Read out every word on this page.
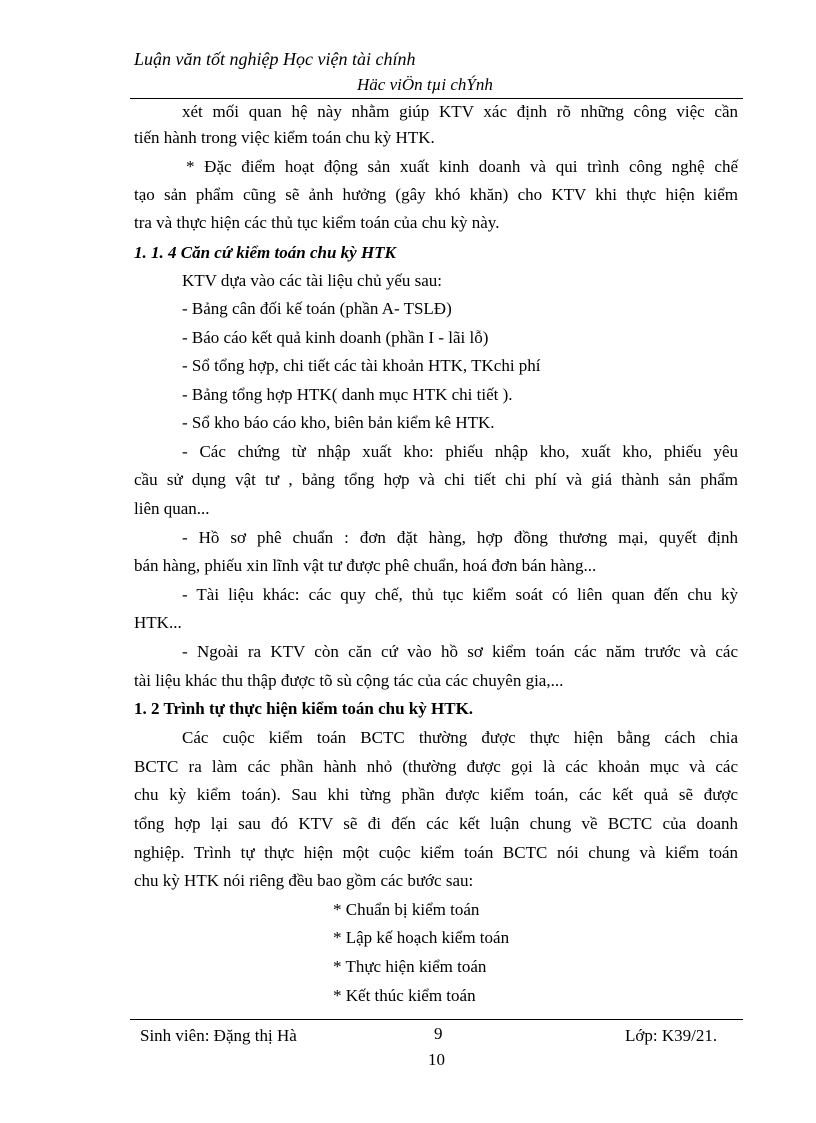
Luận văn tốt nghiệp Học viện tài chính
Häc viÖn tµi chÝnh
xét mối quan hệ này nhằm giúp KTV xác định rõ những công việc cần
tiến hành trong việc kiểm toán chu kỳ HTK.
* Đặc điểm hoạt động sản xuất kinh doanh và qui trình công nghệ chế
tạo sản phẩm cũng sẽ ảnh hưởng (gây khó khăn) cho KTV khi thực hiện kiểm
tra và thực hiện các thủ tục kiểm toán của chu kỳ này.
1. 1. 4 Căn cứ kiểm toán chu kỳ HTK
KTV dựa vào các tài liệu chủ yếu sau:
- Bảng cân đối kế toán (phần A- TSLĐ)
- Báo cáo kết quả kinh doanh (phần I - lãi lỗ)
- Sổ tổng hợp, chi tiết các tài khoản HTK, TKchi phí
- Bảng tổng hợp HTK( danh mục HTK chi tiết ).
- Sổ kho báo cáo kho, biên bản kiểm kê HTK.
- Các chứng từ nhập xuất kho: phiếu nhập kho, xuất kho, phiếu yêu
cầu sử dụng vật tư , bảng tổng hợp và chi tiết chi phí và giá thành sản phẩm
liên quan...
- Hồ sơ phê chuẩn : đơn đặt hàng, hợp đồng thương mại, quyết định
bán hàng, phiếu xin lĩnh vật tư được phê chuẩn, hoá đơn bán hàng...
- Tài liệu khác: các quy chế, thủ tục kiểm soát có liên quan đến chu kỳ
HTK...
- Ngoài ra KTV còn căn cứ vào hồ sơ kiểm toán các năm trước và các
tài liệu khác thu thập được tõ sù cộng tác của các chuyên gia,...
1. 2 Trình tự thực hiện kiểm toán chu kỳ HTK.
Các cuộc kiểm toán BCTC thường được thực hiện bằng cách chia
BCTC ra làm các phần hành nhỏ (thường được gọi là các khoản mục và các
chu kỳ kiểm toán). Sau khi từng phần được kiểm toán, các kết quả sẽ được
tổng hợp lại sau đó KTV sẽ đi đến các kết luận chung về BCTC của doanh
nghiệp. Trình tự thực hiện một cuộc kiểm toán BCTC nói chung và kiểm toán
chu kỳ HTK nói riêng đều bao gồm các bước sau:
* Chuẩn bị kiểm toán
* Lập kế hoạch kiểm toán
* Thực hiện kiểm toán
* Kết thúc kiểm toán
Sinh viên: Đặng thị Hà	9	Lớp: K39/21.
10
